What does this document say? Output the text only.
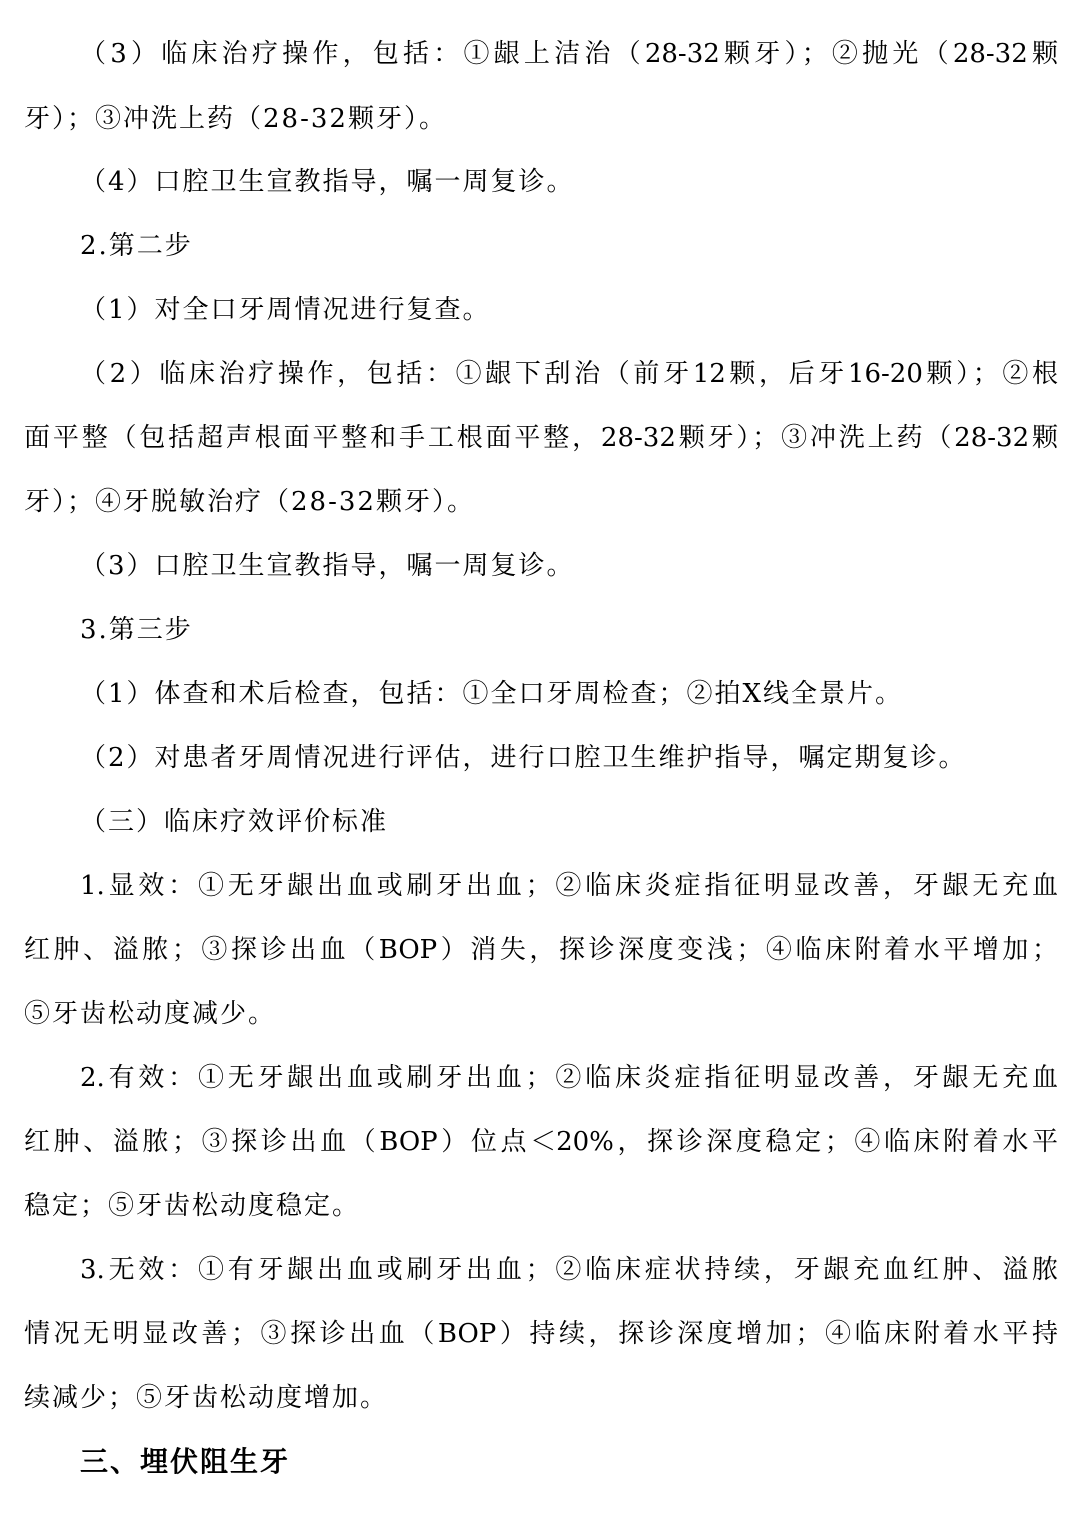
（3）临床治疗操作，包括：①龈上洁治（28-32颗牙）；②抛光（28-32颗
牙）；③冲洗上药（28-32颗牙）。
（4）口腔卫生宣教指导，嘱一周复诊。
2.第二步
（1）对全口牙周情况进行复查。
（2）临床治疗操作，包括：①龈下刮治（前牙12颗，后牙16-20颗）；②根
面平整（包括超声根面平整和手工根面平整，28-32颗牙）；③冲洗上药（28-32颗
牙）；④牙脱敏治疗（28-32颗牙）。
（3）口腔卫生宣教指导，嘱一周复诊。
3.第三步
（1）体查和术后检查，包括：①全口牙周检查；②拍X线全景片。
（2）对患者牙周情况进行评估，进行口腔卫生维护指导，嘱定期复诊。
（三）临床疗效评价标准
1.显效：①无牙龈出血或刷牙出血；②临床炎症指征明显改善，牙龈无充血
红肿、溢脓；③探诊出血（BOP）消失，探诊深度变浅；④临床附着水平增加；
⑤牙齿松动度减少。
2.有效：①无牙龈出血或刷牙出血；②临床炎症指征明显改善，牙龈无充血
红肿、溢脓；③探诊出血（BOP）位点＜20%，探诊深度稳定；④临床附着水平
稳定；⑤牙齿松动度稳定。
3.无效：①有牙龈出血或刷牙出血；②临床症状持续，牙龈充血红肿、溢脓
情况无明显改善；③探诊出血（BOP）持续，探诊深度增加；④临床附着水平持
续减少；⑤牙齿松动度增加。
三、埋伏阻生牙
